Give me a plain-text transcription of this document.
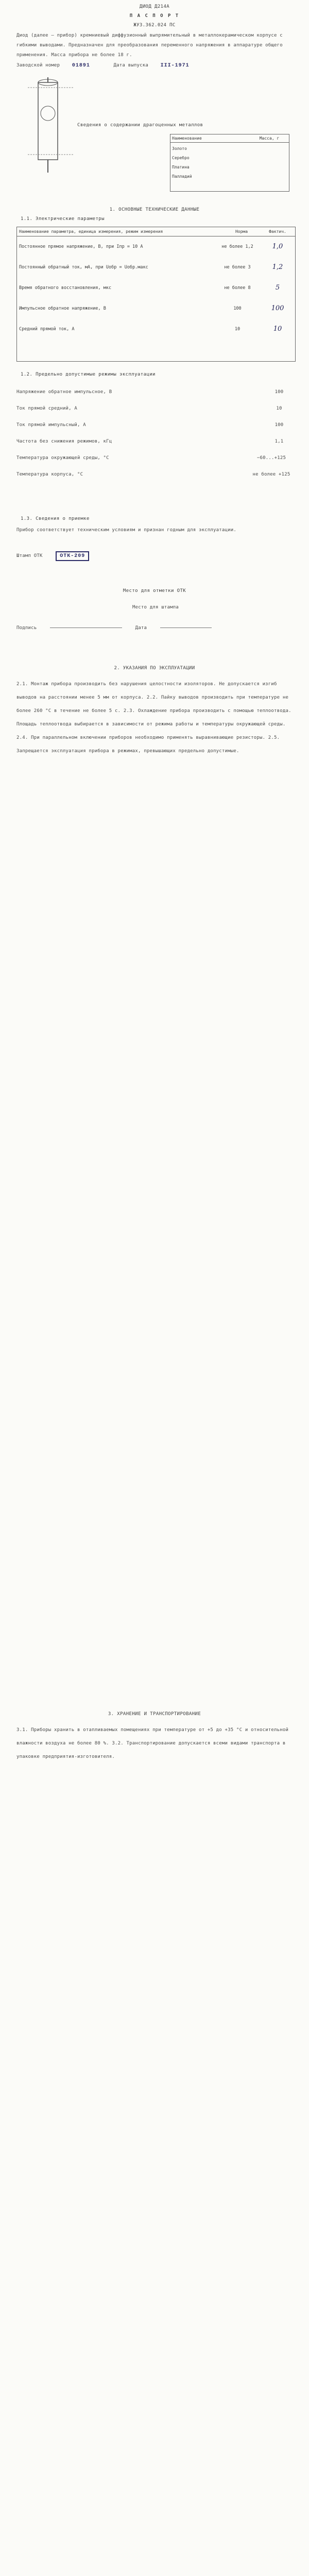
ДИОД Д214А
П А С П О Р Т
ЖУ3.362.024 ПС
Диод (далее — прибор) кремниевый диффузионный выпрямительный в металлокерамическом корпусе с гибкими выводами. Предназначен для преобразования переменного напряжения в аппаратуре общего применения. Масса прибора не более 18 г.
Заводской номер 01891	Дата выпуска III-1971
Сведения о содержании драгоценных металлов
Наименование	Масса, г
Золото
Серебро
Платина
Палладий
1. ОСНОВНЫЕ ТЕХНИЧЕСКИЕ ДАННЫЕ
1.1. Электрические параметры
Наименование параметра, единица измерения, режим измерения	Норма	Фактич.
Постоянное прямое напряжение, В, при Iпр = 10 А	не более 1,2	1,0
Постоянный обратный ток, мА, при Uобр = Uобр.макс	не более 3	1,2
Время обратного восстановления, мкс	не более 8	5
Импульсное обратное напряжение, В	100	100
Средний прямой ток, А	10	10
1.2. Предельно допустимые режимы эксплуатации
Напряжение обратное импульсное, В	100
Ток прямой средний, А	10
Ток прямой импульсный, А	100
Частота без снижения режимов, кГц	1,1
Температура окружающей среды, °С	−60...+125
Температура корпуса, °С	не более +125
1.3. Сведения о приемке
Прибор соответствует техническим условиям и признан годным для эксплуатации.
Штамп ОТК	ОТК-209
Место для отметки ОТК
Место для штампа
Подпись	Дата
2. УКАЗАНИЯ ПО ЭКСПЛУАТАЦИИ
2.1. Монтаж прибора производить без нарушения целостности изоляторов. Не допускается изгиб выводов на расстоянии менее 5 мм от корпуса. 2.2. Пайку выводов производить при температуре не более 260 °С в течение не более 5 с. 2.3. Охлаждение прибора производить с помощью теплоотвода. Площадь теплоотвода выбирается в зависимости от режима работы и температуры окружающей среды. 2.4. При параллельном включении приборов необходимо применять выравнивающие резисторы. 2.5. Запрещается эксплуатация прибора в режимах, превышающих предельно допустимые.
3. ХРАНЕНИЕ И ТРАНСПОРТИРОВАНИЕ
3.1. Приборы хранить в отапливаемых помещениях при температуре от +5 до +35 °С и относительной влажности воздуха не более 80 %. 3.2. Транспортирование допускается всеми видами транспорта в упаковке предприятия-изготовителя.
